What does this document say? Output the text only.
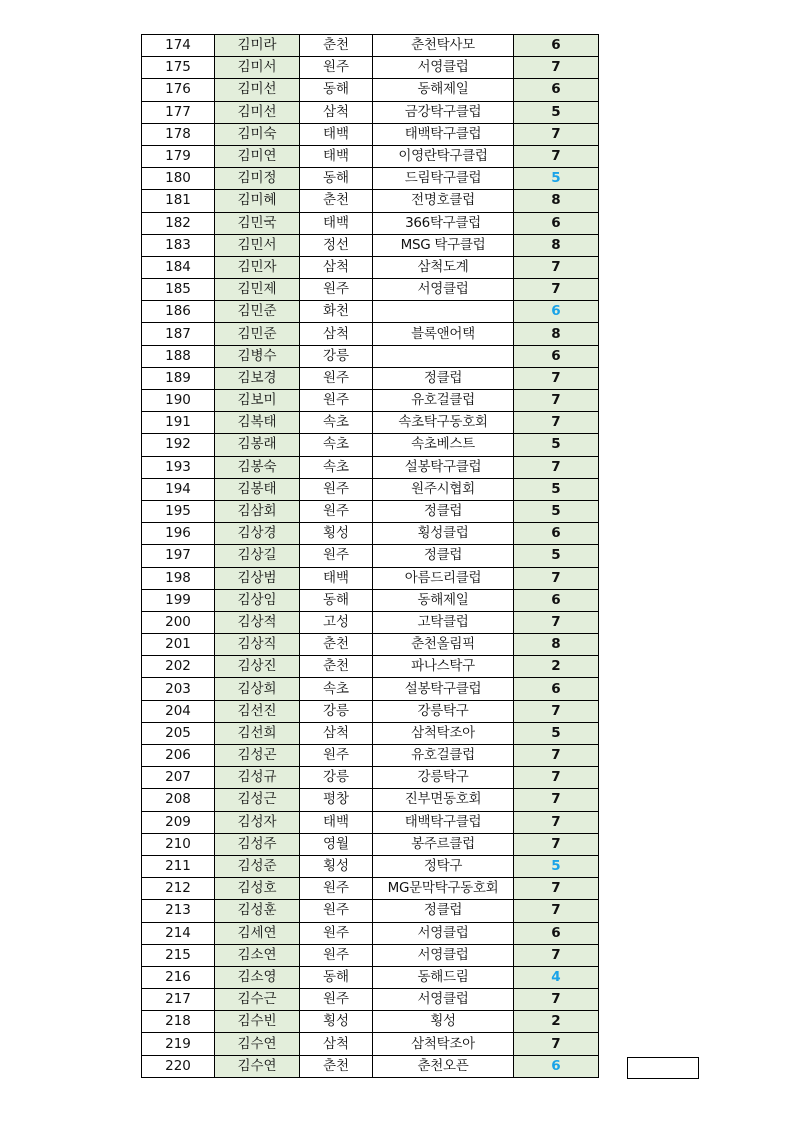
174	김미라	춘천	춘천탁사모	6
175	김미서	원주	서영클럽	7
176	김미선	동해	동해제일	6
177	김미선	삼척	금강탁구클럽	5
178	김미숙	태백	태백탁구클럽	7
179	김미연	태백	이영란탁구클럽	7
180	김미정	동해	드림탁구클럽	5
181	김미혜	춘천	전명호클럽	8
182	김민국	태백	366탁구클럽	6
183	김민서	정선	MSG 탁구클럽	8
184	김민자	삼척	삼척도계	7
185	김민제	원주	서영클럽	7
186	김민준	화천		6
187	김민준	삼척	블록앤어택	8
188	김병수	강릉		6
189	김보경	원주	정클럽	7
190	김보미	원주	유호걸클럽	7
191	김복태	속초	속초탁구동호회	7
192	김봉래	속초	속초베스트	5
193	김봉숙	속초	설봉탁구클럽	7
194	김봉태	원주	원주시협회	5
195	김삼회	원주	정클럽	5
196	김상경	횡성	횡성클럽	6
197	김상길	원주	정클럽	5
198	김상범	태백	아름드리클럽	7
199	김상임	동해	동해제일	6
200	김상적	고성	고탁클럽	7
201	김상직	춘천	춘천올림픽	8
202	김상진	춘천	파나스탁구	2
203	김상희	속초	설봉탁구클럽	6
204	김선진	강릉	강릉탁구	7
205	김선희	삼척	삼척탁조아	5
206	김성곤	원주	유호걸클럽	7
207	김성규	강릉	강릉탁구	7
208	김성근	평창	진부면동호회	7
209	김성자	태백	태백탁구클럽	7
210	김성주	영월	봉주르클럽	7
211	김성준	횡성	정탁구	5
212	김성호	원주	MG문막탁구동호회	7
213	김성훈	원주	정클럽	7
214	김세연	원주	서영클럽	6
215	김소연	원주	서영클럽	7
216	김소영	동해	동해드림	4
217	김수근	원주	서영클럽	7
218	김수빈	횡성	횡성	2
219	김수연	삼척	삼척탁조아	7
220	김수연	춘천	춘천오픈	6
